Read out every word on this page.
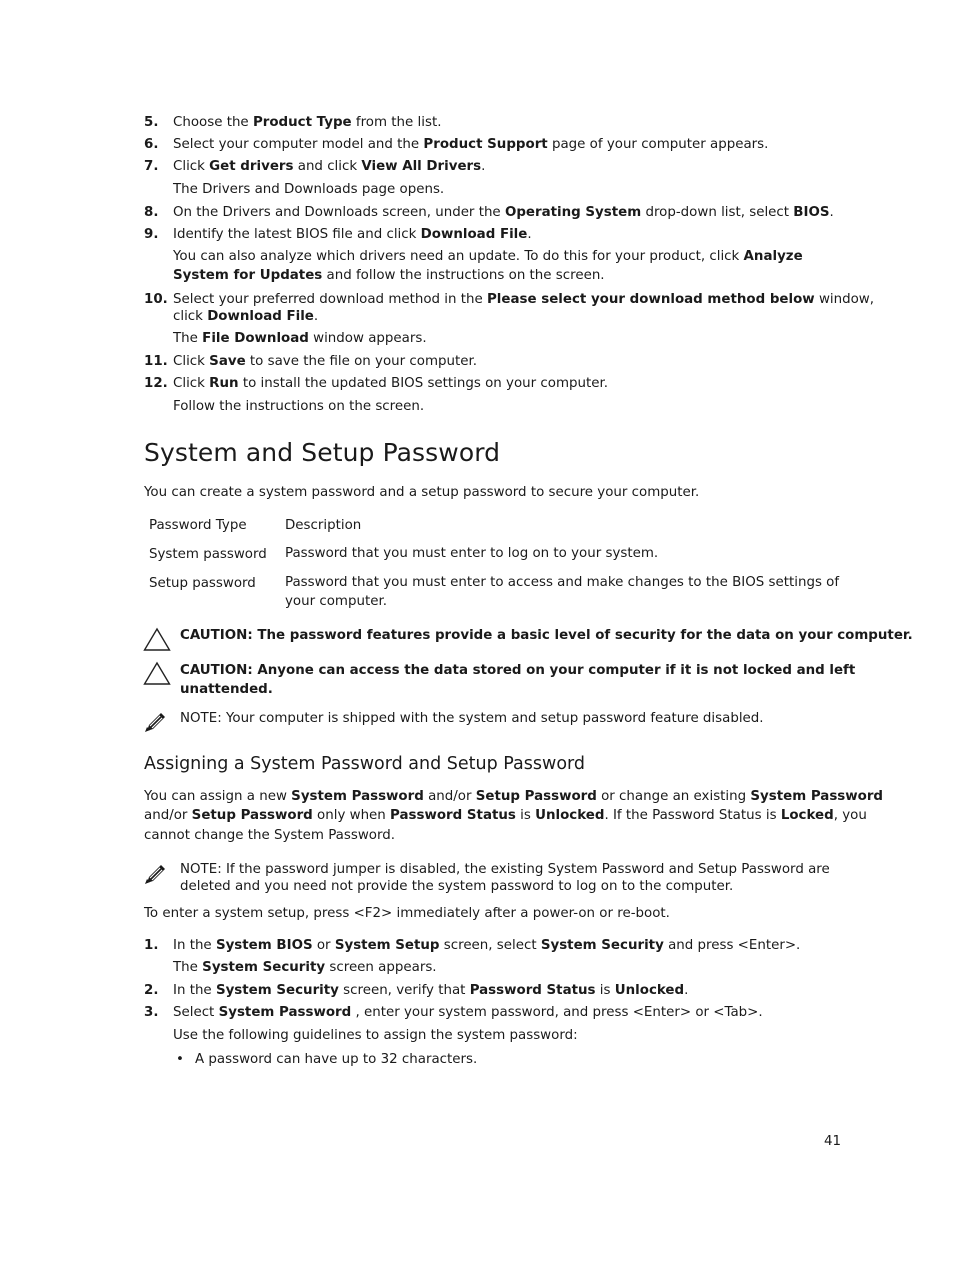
5. Choose the Product Type from the list.
6. Select your computer model and the Product Support page of your computer appears.
7. Click Get drivers and click View All Drivers.
The Drivers and Downloads page opens.
8. On the Drivers and Downloads screen, under the Operating System drop-down list, select BIOS.
9. Identify the latest BIOS file and click Download File.
You can also analyze which drivers need an update. To do this for your product, click Analyze
System for Updates and follow the instructions on the screen.
10. Select your preferred download method in the Please select your download method below window,
click Download File.
The File Download window appears.
11. Click Save to save the file on your computer.
12. Click Run to install the updated BIOS settings on your computer.
Follow the instructions on the screen.
System and Setup Password
You can create a system password and a setup password to secure your computer.
Password Type	Description
System password Password that you must enter to log on to your system.
Setup password Password that you must enter to access and make changes to the BIOS settings of
your computer.
CAUTION: The password features provide a basic level of security for the data on your computer.
CAUTION: Anyone can access the data stored on your computer if it is not locked and left
unattended.
NOTE: Your computer is shipped with the system and setup password feature disabled.
Assigning a System Password and Setup Password
You can assign a new System Password and/or Setup Password or change an existing System Password
and/or Setup Password only when Password Status is Unlocked. If the Password Status is Locked, you
cannot change the System Password.
NOTE: If the password jumper is disabled, the existing System Password and Setup Password are
deleted and you need not provide the system password to log on to the computer.
To enter a system setup, press <F2> immediately after a power-on or re-boot.
1. In the System BIOS or System Setup screen, select System Security and press <Enter>.
The System Security screen appears.
2. In the System Security screen, verify that Password Status is Unlocked.
3. Select System Password , enter your system password, and press <Enter> or <Tab>.
Use the following guidelines to assign the system password:
• A password can have up to 32 characters.
41
